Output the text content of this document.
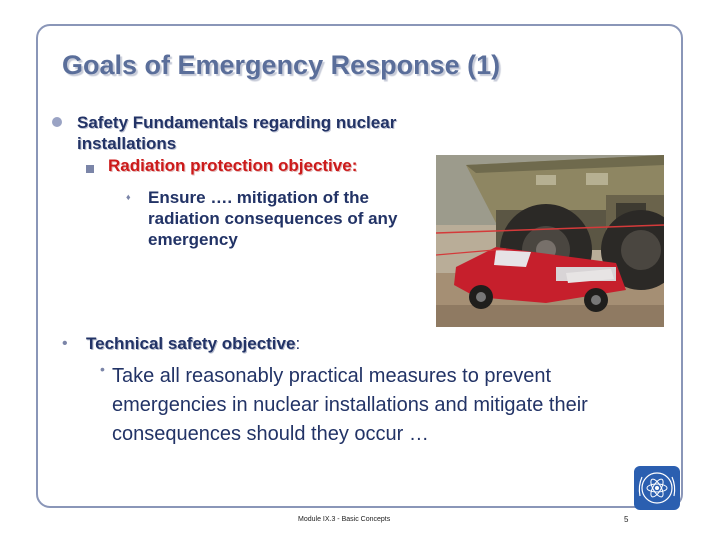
Goals of Emergency Response (1)
Safety Fundamentals regarding nuclear installations
Radiation protection objective:
♦ Ensure …. mitigation of the radiation consequences of any emergency
• Technical safety objective:
• Take all reasonably practical measures to prevent emergencies in nuclear installations and mitigate their consequences should they occur …
Module IX.3 - Basic Concepts	5
